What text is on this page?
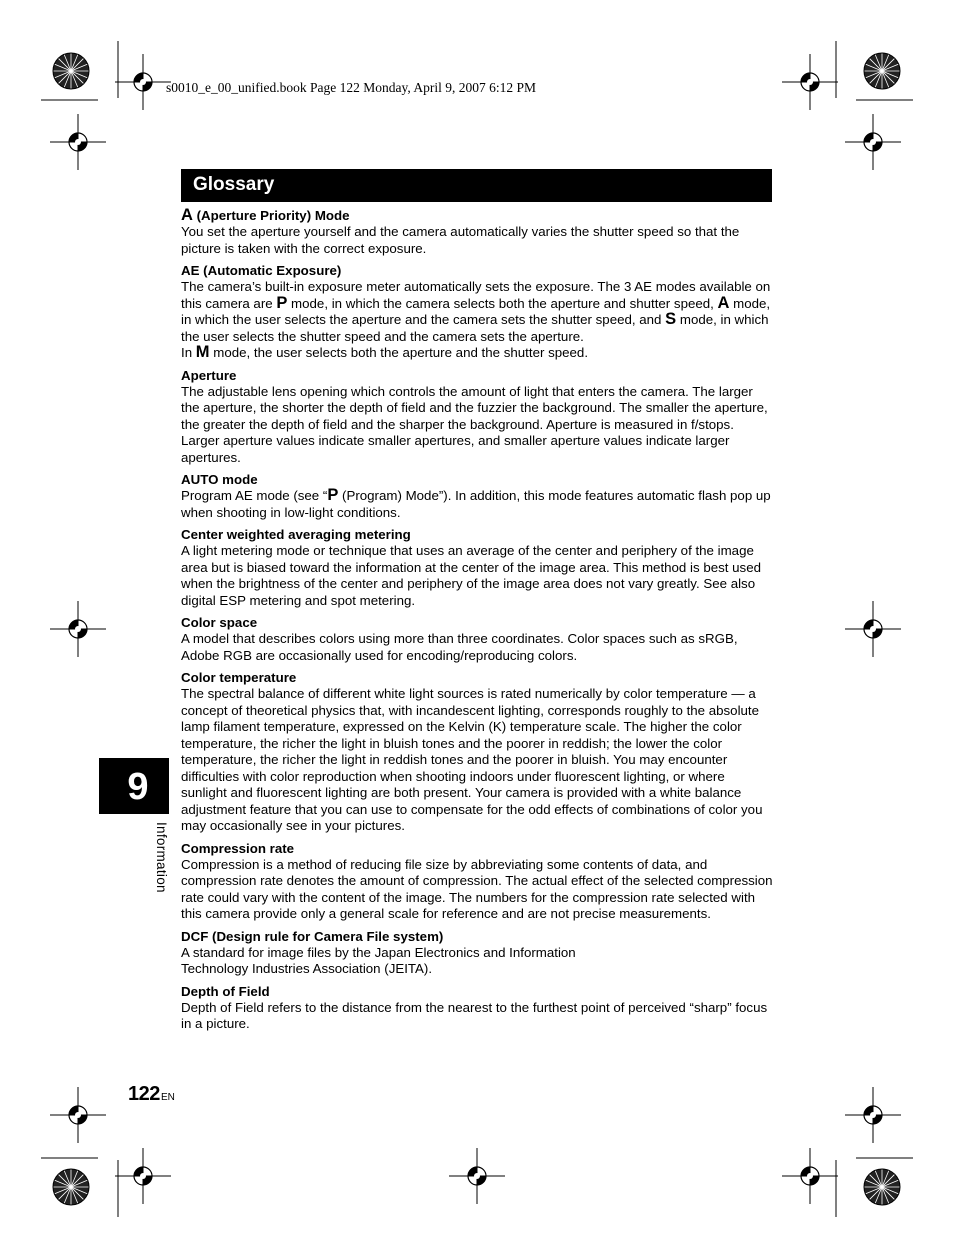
s0010_e_00_unified.book Page 122 Monday, April 9, 2007 6:12 PM
Glossary
A (Aperture Priority) Mode

You set the aperture yourself and the camera automatically varies the shutter speed so that the picture is taken with the correct exposure.

AE (Automatic Exposure)

The camera’s built-in exposure meter automatically sets the exposure. The 3 AE modes available on this camera are P mode, in which the camera selects both the aperture and shutter speed, A mode, in which the user selects the aperture and the camera sets the shutter speed, and S mode, in which the user selects the shutter speed and the camera sets the aperture.

In M mode, the user selects both the aperture and the shutter speed.

Aperture

The adjustable lens opening which controls the amount of light that enters the camera. The larger the aperture, the shorter the depth of field and the fuzzier the background. The smaller the aperture, the greater the depth of field and the sharper the background. Aperture is measured in f/stops. Larger aperture values indicate smaller apertures, and smaller aperture values indicate larger apertures.

AUTO mode

Program AE mode (see “P (Program) Mode”). In addition, this mode features automatic flash pop up when shooting in low-light conditions.

Center weighted averaging metering

A light metering mode or technique that uses an average of the center and periphery of the image area but is biased toward the information at the center of the image area. This method is best used when the brightness of the center and periphery of the image area does not vary greatly. See also digital ESP metering and spot metering.

Color space

A model that describes colors using more than three coordinates. Color spaces such as sRGB, Adobe RGB are occasionally used for encoding/reproducing colors.

Color temperature

The spectral balance of different white light sources is rated numerically by color temperature — a concept of theoretical physics that, with incandescent lighting, corresponds roughly to the absolute lamp filament temperature, expressed on the Kelvin (K) temperature scale. The higher the color temperature, the richer the light in bluish tones and the poorer in reddish; the lower the color temperature, the richer the light in reddish tones and the poorer in bluish. You may encounter difficulties with color reproduction when shooting indoors under fluorescent lighting, or where sunlight and fluorescent lighting are both present. Your camera is provided with a white balance adjustment feature that you can use to compensate for the odd effects of combinations of color you may occasionally see in your pictures.

Compression rate

Compression is a method of reducing file size by abbreviating some contents of data, and compression rate denotes the amount of compression. The actual effect of the selected compression rate could vary with the content of the image. The numbers for the compression rate selected with this camera provide only a general scale for reference and are not precise measurements.

DCF (Design rule for Camera File system)

A standard for image files by the Japan Electronics and Information

Technology Industries Association (JEITA).

Depth of Field

Depth of Field refers to the distance from the nearest to the furthest point of perceived “sharp” focus in a picture.

9
Information
122 EN
